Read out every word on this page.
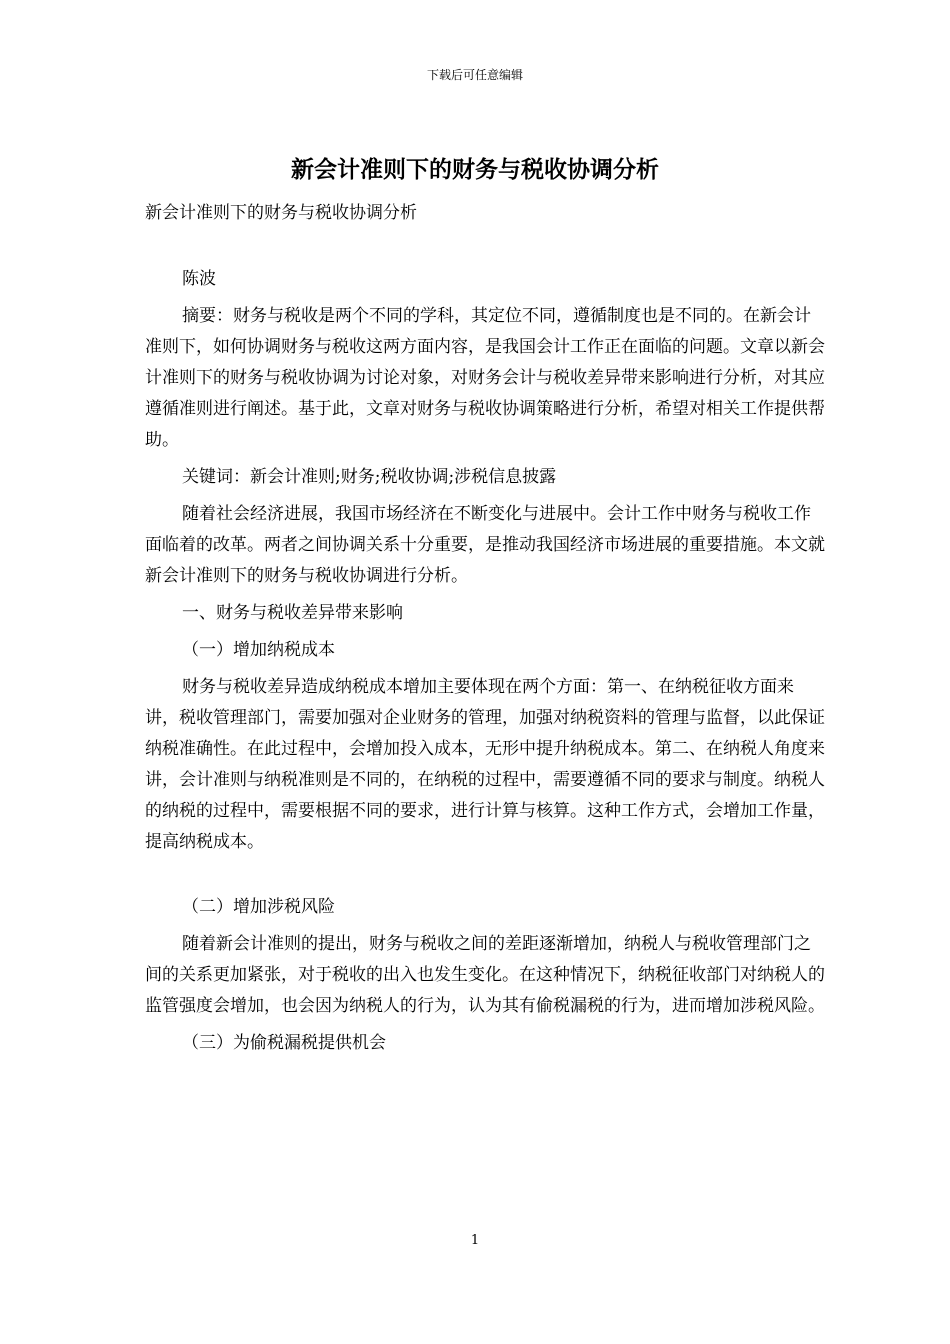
下载后可任意编辑
新会计准则下的财务与税收协调分析

新会计准则下的财务与税收协调分析

陈波

摘要：财务与税收是两个不同的学科，其定位不同，遵循制度也是不同的。在新会计准则下，如何协调财务与税收这两方面内容，是我国会计工作正在面临的问题。文章以新会计准则下的财务与税收协调为讨论对象，对财务会计与税收差异带来影响进行分析，对其应遵循准则进行阐述。基于此，文章对财务与税收协调策略进行分析，希望对相关工作提供帮助。

关键词：新会计准则;财务;税收协调;涉税信息披露

随着社会经济进展，我国市场经济在不断变化与进展中。会计工作中财务与税收工作面临着的改革。两者之间协调关系十分重要，是推动我国经济市场进展的重要措施。本文就新会计准则下的财务与税收协调进行分析。

一、财务与税收差异带来影响

（一）增加纳税成本

财务与税收差异造成纳税成本增加主要体现在两个方面：第一、在纳税征收方面来讲，税收管理部门，需要加强对企业财务的管理，加强对纳税资料的管理与监督，以此保证纳税准确性。在此过程中，会增加投入成本，无形中提升纳税成本。第二、在纳税人角度来讲，会计准则与纳税准则是不同的，在纳税的过程中，需要遵循不同的要求与制度。纳税人的纳税的过程中，需要根据不同的要求，进行计算与核算。这种工作方式，会增加工作量，提高纳税成本。

（二）增加涉税风险

随着新会计准则的提出，财务与税收之间的差距逐渐增加，纳税人与税收管理部门之间的关系更加紧张，对于税收的出入也发生变化。在这种情况下，纳税征收部门对纳税人的监管强度会增加，也会因为纳税人的行为，认为其有偷税漏税的行为，进而增加涉税风险。

（三）为偷税漏税提供机会

1
